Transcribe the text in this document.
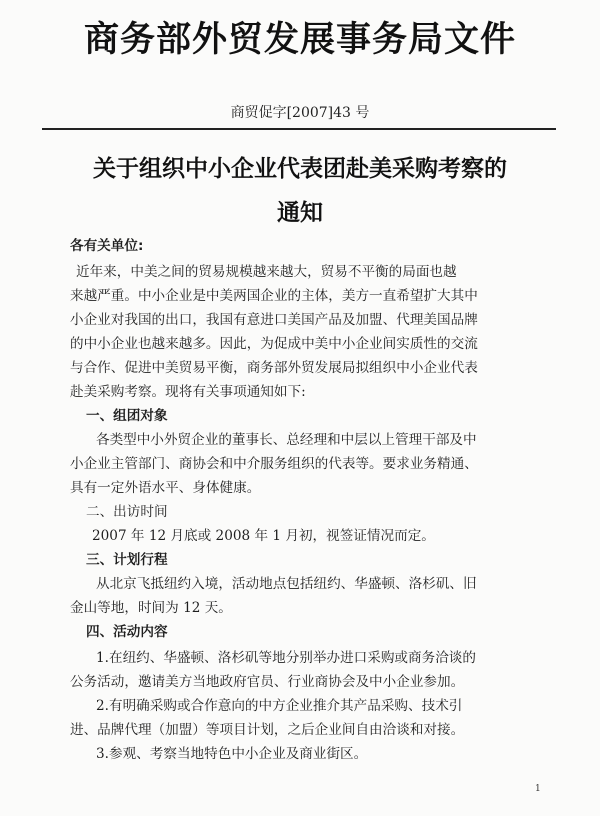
商务部外贸发展事务局文件
商贸促字[2007]43 号
关于组织中小企业代表团赴美采购考察的
通知
各有关单位:
近年来，中美之间的贸易规模越来越大，贸易不平衡的局面也越
来越严重。中小企业是中美两国企业的主体，美方一直希望扩大其中
小企业对我国的出口，我国有意进口美国产品及加盟、代理美国品牌
的中小企业也越来越多。因此，为促成中美中小企业间实质性的交流
与合作、促进中美贸易平衡，商务部外贸发展局拟组织中小企业代表
赴美采购考察。现将有关事项通知如下:
一、组团对象
各类型中小外贸企业的董事长、总经理和中层以上管理干部及中
小企业主管部门、商协会和中介服务组织的代表等。要求业务精通、
具有一定外语水平、身体健康。
二、出访时间
2007 年 12 月底或 2008 年 1 月初，视签证情况而定。
三、计划行程
从北京飞抵纽约入境，活动地点包括纽约、华盛顿、洛杉矶、旧
金山等地，时间为 12 天。
四、活动内容
1.在纽约、华盛顿、洛杉矶等地分别举办进口采购或商务洽谈的
公务活动，邀请美方当地政府官员、行业商协会及中小企业参加。
2.有明确采购或合作意向的中方企业推介其产品采购、技术引
进、品牌代理（加盟）等项目计划，之后企业间自由洽谈和对接。
3.参观、考察当地特色中小企业及商业街区。
1
